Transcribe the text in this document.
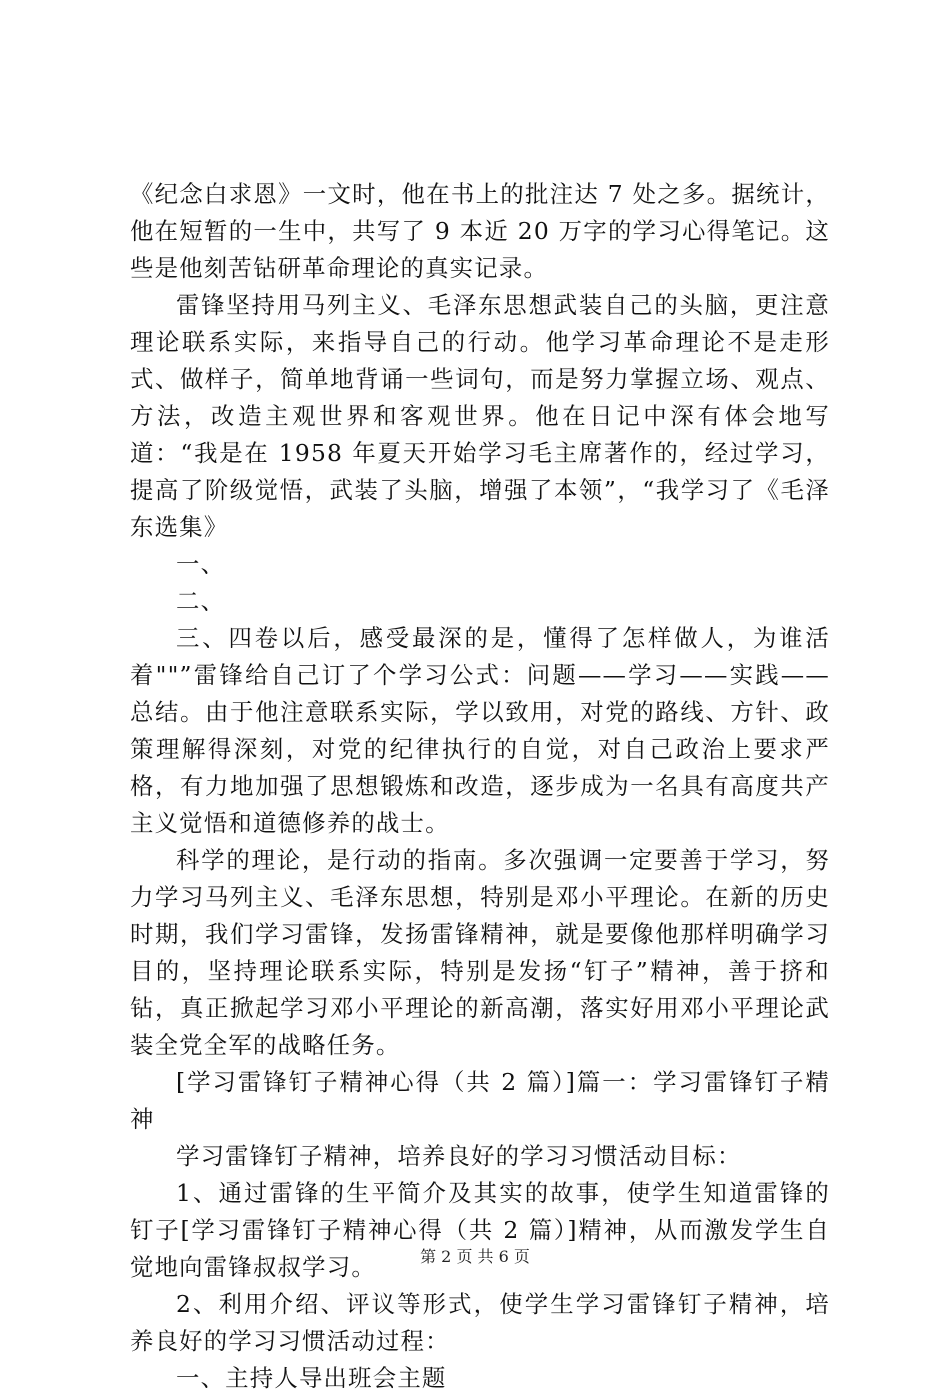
《纪念白求恩》一文时，他在书上的批注达 7 处之多。据统计，他在短暂的一生中，共写了 9 本近 20 万字的学习心得笔记。这些是他刻苦钻研革命理论的真实记录。

雷锋坚持用马列主义、毛泽东思想武装自己的头脑，更注意理论联系实际，来指导自己的行动。他学习革命理论不是走形式、做样子，简单地背诵一些词句，而是努力掌握立场、观点、方法，改造主观世界和客观世界。他在日记中深有体会地写道：“我是在 1958 年夏天开始学习毛主席著作的，经过学习，提高了阶级觉悟，武装了头脑，增强了本领”，“我学习了《毛泽东选集》

一、

二、

三、四卷以后，感受最深的是，懂得了怎样做人，为谁活着""”雷锋给自己订了个学习公式：问题——学习——实践——总结。由于他注意联系实际，学以致用，对党的路线、方针、政策理解得深刻，对党的纪律执行的自觉，对自己政治上要求严格，有力地加强了思想锻炼和改造，逐步成为一名具有高度共产主义觉悟和道德修养的战士。

科学的理论，是行动的指南。多次强调一定要善于学习，努力学习马列主义、毛泽东思想，特别是邓小平理论。在新的历史时期，我们学习雷锋，发扬雷锋精神，就是要像他那样明确学习目的，坚持理论联系实际，特别是发扬“钉子”精神，善于挤和钻，真正掀起学习邓小平理论的新高潮，落实好用邓小平理论武装全党全军的战略任务。

[学习雷锋钉子精神心得（共 2 篇）]篇一：学习雷锋钉子精神

学习雷锋钉子精神，培养良好的学习习惯活动目标：

1、通过雷锋的生平简介及其实的故事，使学生知道雷锋的钉子[学习雷锋钉子精神心得（共 2 篇）]精神，从而激发学生自觉地向雷锋叔叔学习。

2、利用介绍、评议等形式，使学生学习雷锋钉子精神，培养良好的学习习惯活动过程：

一、主持人导出班会主题

第 2 页 共 6 页
